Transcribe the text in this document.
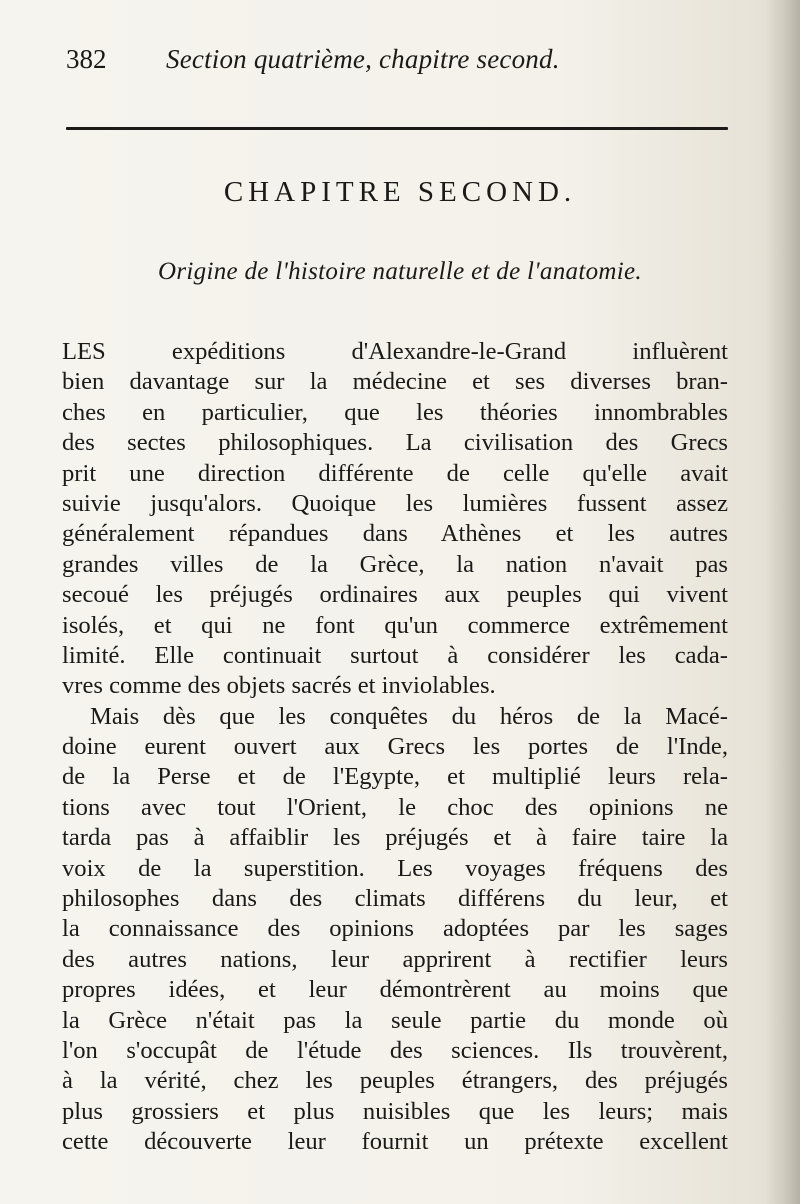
382 Section quatrième, chapitre second.
CHAPITRE SECOND.
Origine de l'histoire naturelle et de l'anatomie.
LES expéditions d'Alexandre-le-Grand influèrent
bien davantage sur la médecine et ses diverses bran-
ches en particulier, que les théories innombrables
des sectes philosophiques. La civilisation des Grecs
prit une direction différente de celle qu'elle avait
suivie jusqu'alors. Quoique les lumières fussent assez
généralement répandues dans Athènes et les autres
grandes villes de la Grèce, la nation n'avait pas
secoué les préjugés ordinaires aux peuples qui vivent
isolés, et qui ne font qu'un commerce extrêmement
limité. Elle continuait surtout à considérer les cada-
vres comme des objets sacrés et inviolables.
Mais dès que les conquêtes du héros de la Macé-
doine eurent ouvert aux Grecs les portes de l'Inde,
de la Perse et de l'Egypte, et multiplié leurs rela-
tions avec tout l'Orient, le choc des opinions ne
tarda pas à affaiblir les préjugés et à faire taire la
voix de la superstition. Les voyages fréquens des
philosophes dans des climats différens du leur, et
la connaissance des opinions adoptées par les sages
des autres nations, leur apprirent à rectifier leurs
propres idées, et leur démontrèrent au moins que
la Grèce n'était pas la seule partie du monde où
l'on s'occupât de l'étude des sciences. Ils trouvèrent,
à la vérité, chez les peuples étrangers, des préjugés
plus grossiers et plus nuisibles que les leurs; mais
cette découverte leur fournit un prétexte excellent
